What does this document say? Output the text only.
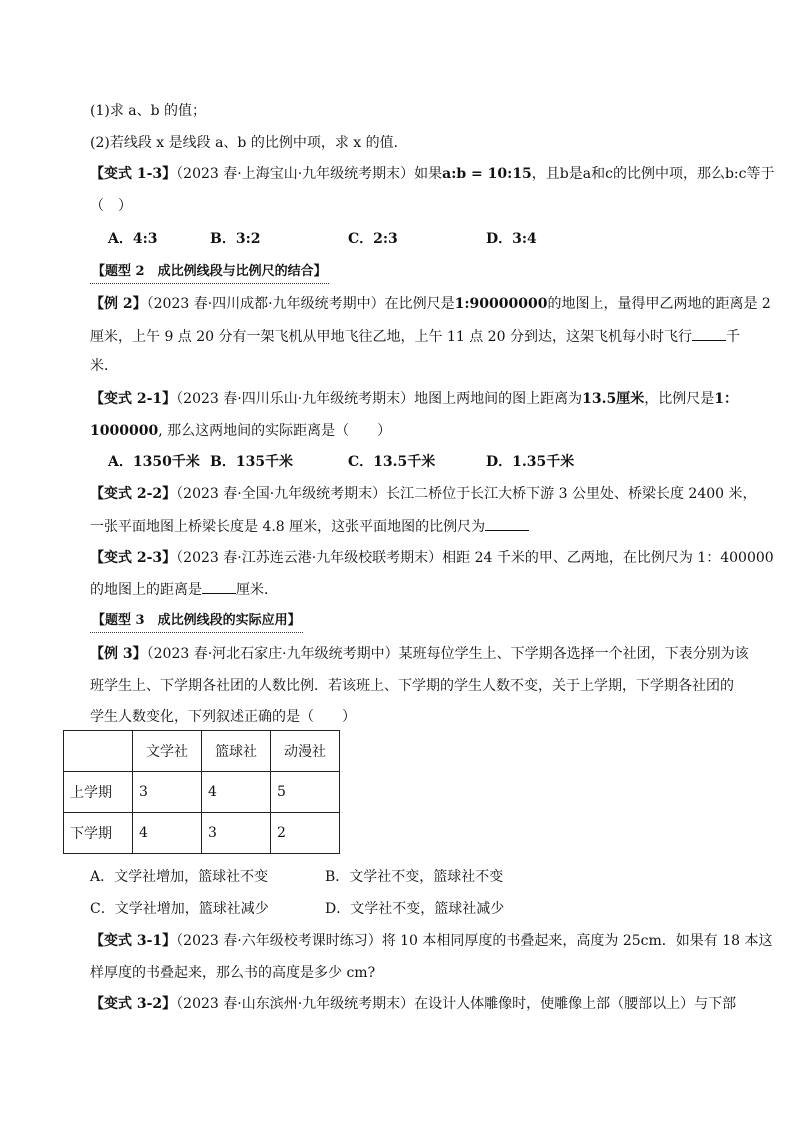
(1)求 a、b 的值；
(2)若线段 x 是线段 a、b 的比例中项，求 x 的值．
【变式 1-3】（2023 春·上海宝山·九年级统考期末）如果a:b = 10:15，且b是a和c的比例中项，那么b:c等于
（　）
A．4:3	B．3:2	C．2:3	D．3:4
【题型 2　成比例线段与比例尺的结合】
【例 2】（2023 春·四川成都·九年级统考期中）在比例尺是1:90000000的地图上，量得甲乙两地的距离是 2
厘米，上午 9 点 20 分有一架飞机从甲地飞往乙地，上午 11 点 20 分到达，这架飞机每小时飞行 千
米．
【变式 2-1】（2023 春·四川乐山·九年级统考期末）地图上两地间的图上距离为13.5厘米，比例尺是1：
1000000, 那么这两地间的实际距离是（　　）
A．1350千米 B．135千米	C．13.5千米	D．1.35千米
【变式 2-2】（2023 春·全国·九年级统考期末）长江二桥位于长江大桥下游 3 公里处、桥梁长度 2400 米，
一张平面地图上桥梁长度是 4.8 厘米，这张平面地图的比例尺为
【变式 2-3】（2023 春·江苏连云港·九年级校联考期末）相距 24 千米的甲、乙两地，在比例尺为 1：400000
的地图上的距离是 厘米．
【题型 3　成比例线段的实际应用】
【例 3】（2023 春·河北石家庄·九年级统考期中）某班每位学生上、下学期各选择一个社团，下表分别为该
班学生上、下学期各社团的人数比例．若该班上、下学期的学生人数不变，关于上学期，下学期各社团的
学生人数变化，下列叙述正确的是（　　）
	文学社	篮球社	动漫社
上学期	3	4	5
下学期	4	3	2
A．文学社增加，篮球社不变	B．文学社不变，篮球社不变
C．文学社增加，篮球社减少	D．文学社不变，篮球社减少
【变式 3-1】（2023 春·六年级校考课时练习）将 10 本相同厚度的书叠起来，高度为 25cm．如果有 18 本这
样厚度的书叠起来，那么书的高度是多少 cm?
【变式 3-2】（2023 春·山东滨州·九年级统考期末）在设计人体雕像时，使雕像上部（腰部以上）与下部
